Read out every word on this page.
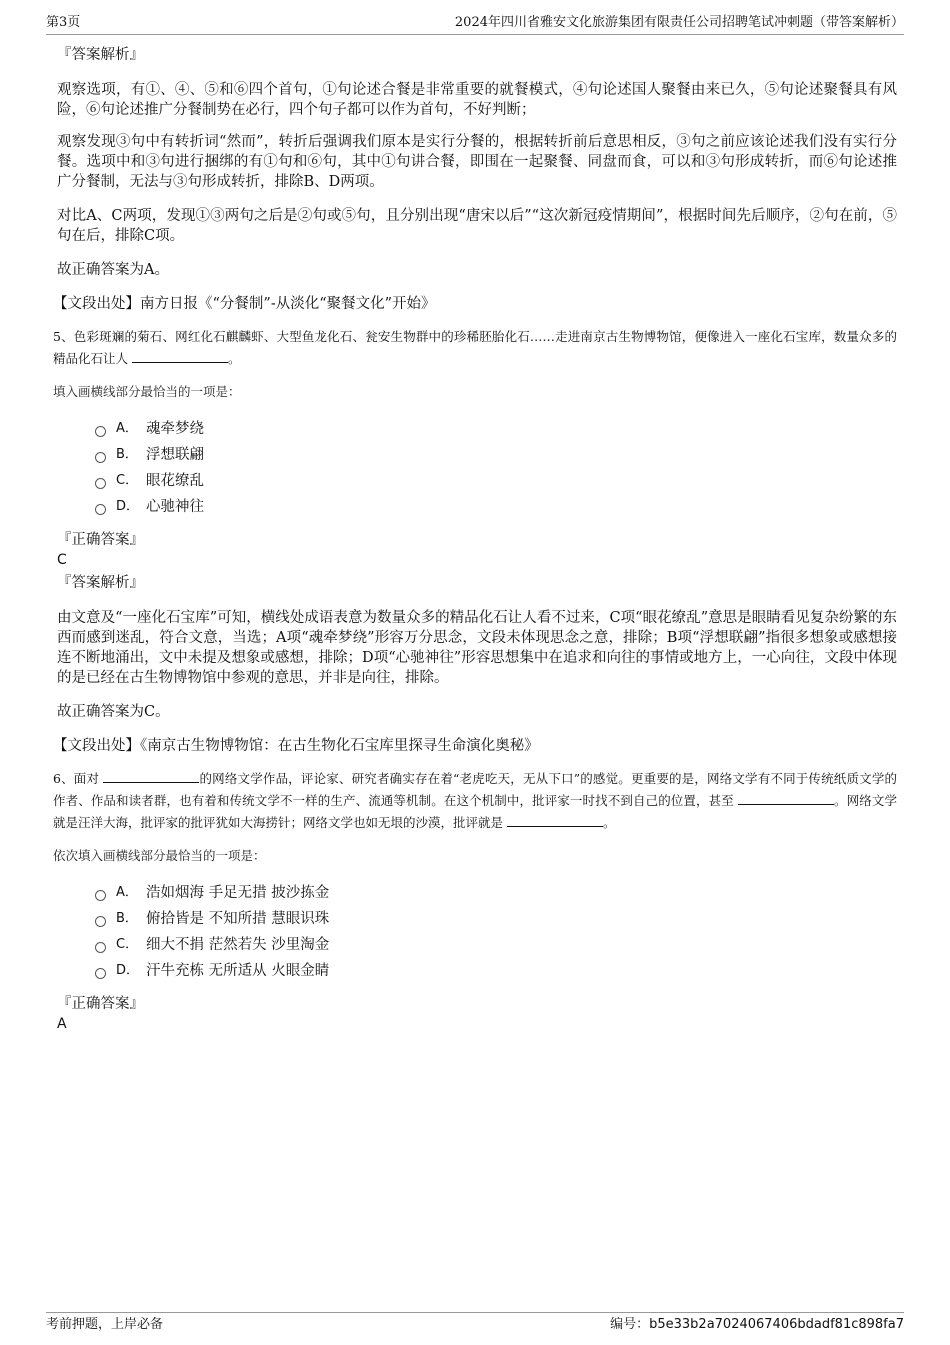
第3页	2024年四川省雅安文化旅游集团有限责任公司招聘笔试冲刺题（带答案解析）
『答案解析』

观察选项，有①、④、⑤和⑥四个首句，①句论述合餐是非常重要的就餐模式，④句论述国人聚餐由来已久，⑤句论述聚餐具有风险，⑥句论述推广分餐制势在必行，四个句子都可以作为首句，不好判断；

观察发现③句中有转折词“然而”，转折后强调我们原本是实行分餐的，根据转折前后意思相反，③句之前应该论述我们没有实行分餐。选项中和③句进行捆绑的有①句和⑥句，其中①句讲合餐，即围在一起聚餐、同盘而食，可以和③句形成转折，而⑥句论述推广分餐制，无法与③句形成转折，排除B、D两项。

对比A、C两项，发现①③两句之后是②句或⑤句，且分别出现“唐宋以后”“这次新冠疫情期间”，根据时间先后顺序，②句在前，⑤句在后，排除C项。

故正确答案为A。

【文段出处】南方日报《“分餐制”-从淡化“聚餐文化”开始》

5、色彩斑斓的菊石、网红化石麒麟虾、大型鱼龙化石、瓮安生物群中的珍稀胚胎化石……走进南京古生物博物馆，便像进入一座化石宝库，数量众多的精品化石让人	。

填入画横线部分最恰当的一项是：

A． 魂牵梦绕
B． 浮想联翩
C． 眼花缭乱
D． 心驰神往
『正确答案』
C
『答案解析』

由文意及“一座化石宝库”可知，横线处成语表意为数量众多的精品化石让人看不过来，C项“眼花缭乱”意思是眼睛看见复杂纷繁的东西而感到迷乱，符合文意，当选；A项“魂牵梦绕”形容万分思念，文段未体现思念之意，排除；B项“浮想联翩”指很多想象或感想接连不断地涌出，文中未提及想象或感想，排除；D项“心驰神往”形容思想集中在追求和向往的事情或地方上，一心向往，文段中体现的是已经在古生物博物馆中参观的意思，并非是向往，排除。

故正确答案为C。

【文段出处】《南京古生物博物馆：在古生物化石宝库里探寻生命演化奥秘》

6、面对	的网络文学作品，评论家、研究者确实存在着“老虎吃天，无从下口”的感觉。更重要的是，网络文学有不同于传统纸质文学的作者、作品和读者群，也有着和传统文学不一样的生产、流通等机制。在这个机制中，批评家一时找不到自己的位置，甚至	。网络文学就是汪洋大海，批评家的批评犹如大海捞针；网络文学也如无垠的沙漠，批评就是	。

依次填入画横线部分最恰当的一项是：

A． 浩如烟海 手足无措 披沙拣金
B． 俯拾皆是 不知所措 慧眼识珠
C． 细大不捐 茫然若失 沙里淘金
D． 汗牛充栋 无所适从 火眼金睛
『正确答案』
A
考前押题，上岸必备	编号：b5e33b2a7024067406bdadf81c898fa7
